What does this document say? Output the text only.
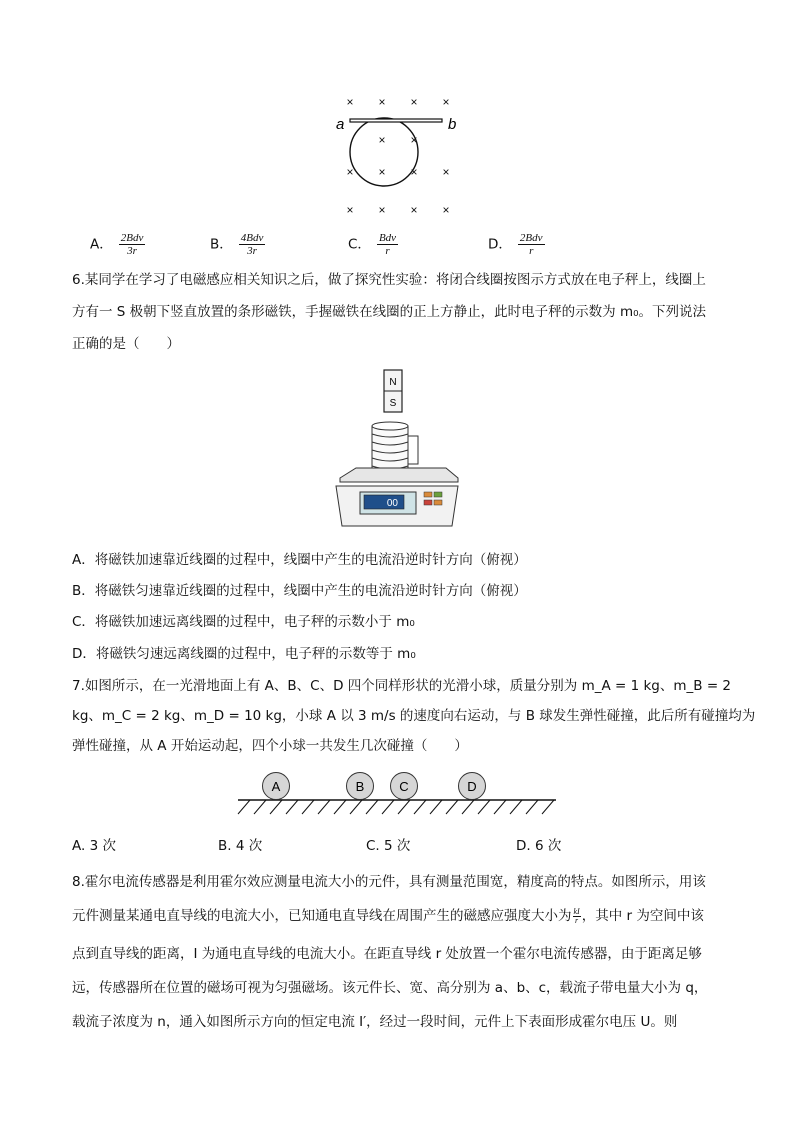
× × × ×
× ×
× × × ×
× × × ×
a	b
A． $\frac{\text{2Bdv}}{3r}$	B． $\frac{\text{4Bdv}}{3r}$	C． $\frac{\text{Bdv}}{r}$	D． $\frac{\text{2Bdv}}{r}$
6.某同学在学习了电磁感应相关知识之后，做了探究性实验：将闭合线圈按图示方式放在电子秤上，线圈上
方有一 S 极朝下竖直放置的条形磁铁，手握磁铁在线圈的正上方静止，此时电子秤的示数为 m₀。下列说法
正确的是（　　）
N
S
00
A．将磁铁加速靠近线圈的过程中，线圈中产生的电流沿逆时针方向（俯视）
B．将磁铁匀速靠近线圈的过程中，线圈中产生的电流沿逆时针方向（俯视）
C．将磁铁加速远离线圈的过程中，电子秤的示数小于 m₀
D．将磁铁匀速远离线圈的过程中，电子秤的示数等于 m₀
7.如图所示，在一光滑地面上有 A、B、C、D 四个同样形状的光滑小球，质量分别为 m_A = 1 kg、m_B = 2
kg、m_C = 2 kg、m_D = 10 kg，小球 A 以 3 m/s 的速度向右运动，与 B 球发生弹性碰撞，此后所有碰撞均为
弹性碰撞，从 A 开始运动起，四个小球一共发生几次碰撞（　　）
A	B	C	D
A. 3 次	B. 4 次	C. 5 次	D. 6 次
8.霍尔电流传感器是利用霍尔效应测量电流大小的元件，具有测量范围宽，精度高的特点。如图所示，用该
元件测量某通电直导线的电流大小，已知通电直导线在周围产生的磁感应强度大小为 $\frac{kI}{r}$ ，其中 r 为空间中该
点到直导线的距离，I 为通电直导线的电流大小。在距直导线 r 处放置一个霍尔电流传感器，由于距离足够
远，传感器所在位置的磁场可视为匀强磁场。该元件长、宽、高分别为 a、b、c，载流子带电量大小为 q，
载流子浓度为 n，通入如图所示方向的恒定电流 I′，经过一段时间，元件上下表面形成霍尔电压 U。则
